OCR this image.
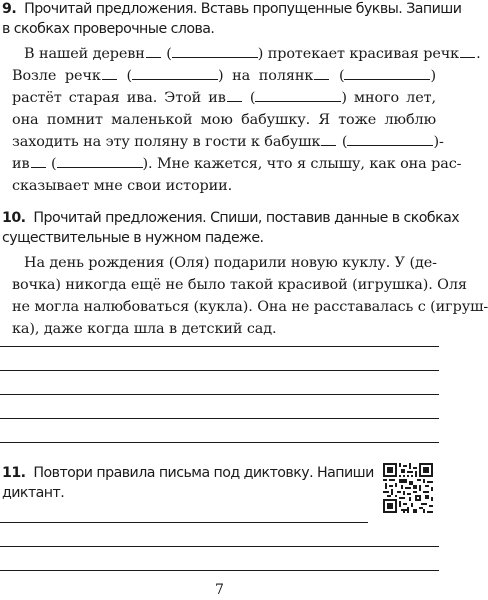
9. Прочитай предложения. Вставь пропущенные буквы. Запиши
в скобках проверочные слова.
В нашей деревн (	) протекает красивая речк .
Возле речк (	) на полянк (	)
растёт старая ива. Этой ив (	) много лет,
она помнит маленькой мою бабушку. Я тоже люблю
заходить на эту поляну в гости к бабушк (	)-
ив (	). Мне кажется, что я слышу, как она рас-
сказывает мне свои истории.
10. Прочитай предложения. Спиши, поставив данные в скобках
существительные в нужном падеже.
На день рождения (Оля) подарили новую куклу. У (де-
вочка) никогда ещё не было такой красивой (игрушка). Оля
не могла налюбоваться (кукла). Она не расставалась с (игруш-
ка), даже когда шла в детский сад.
11. Повтори правила письма под диктовку. Напиши
диктант.
7
